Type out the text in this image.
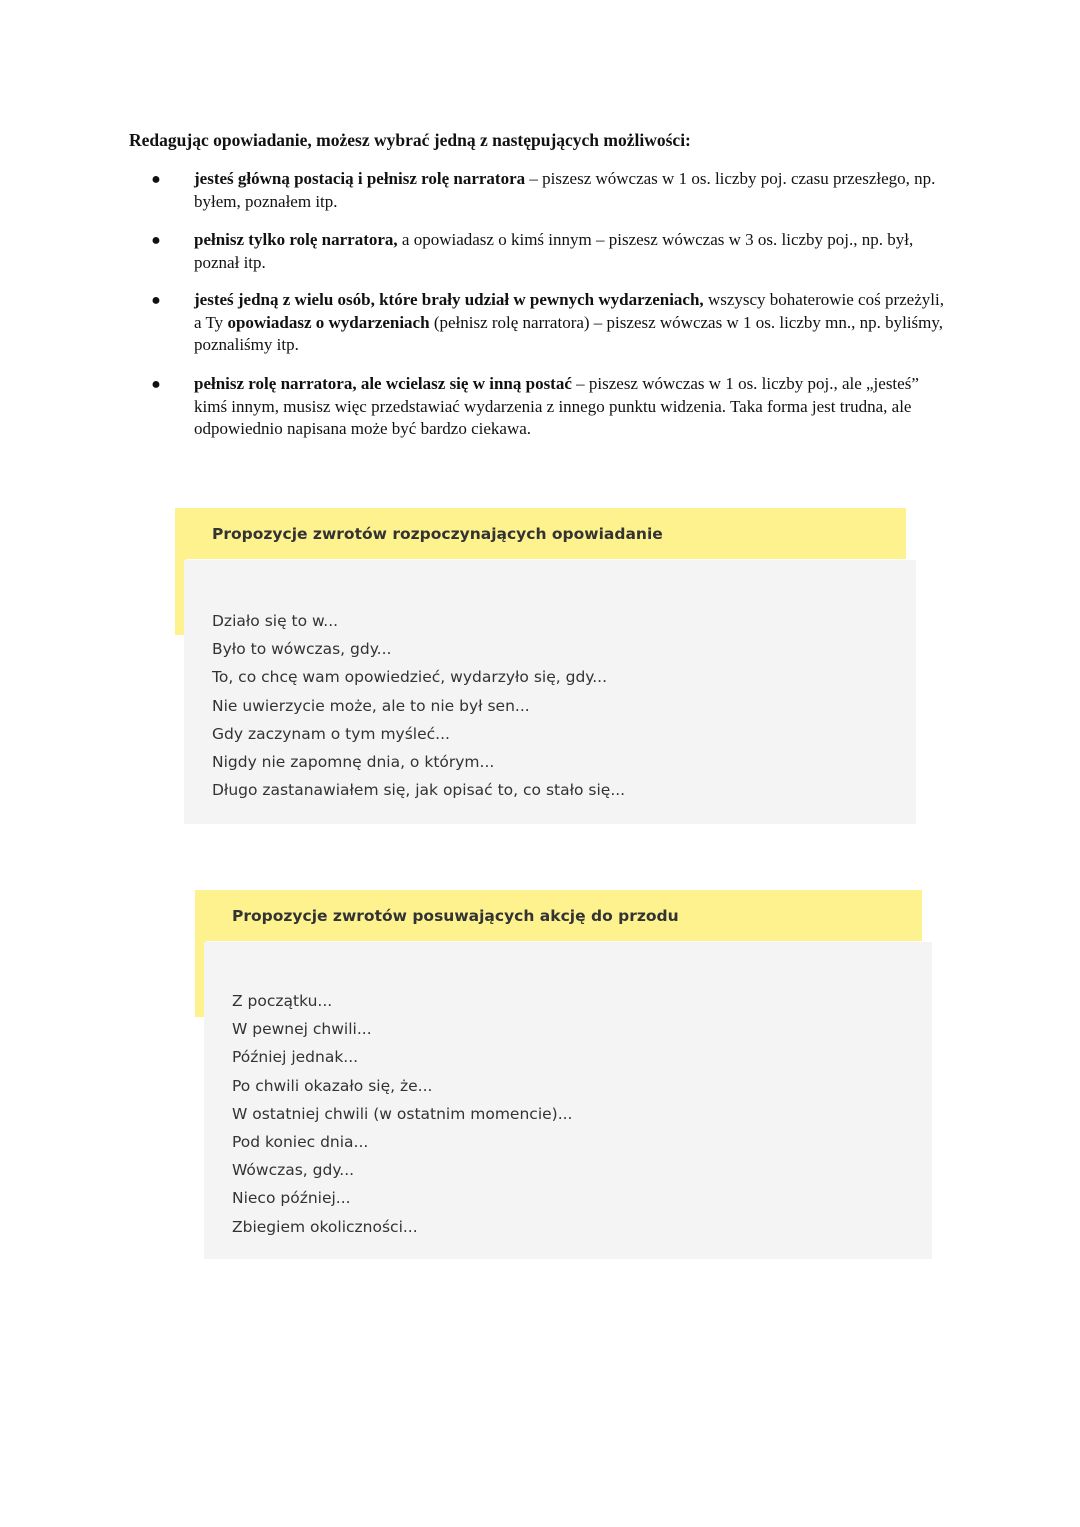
Redagując opowiadanie, możesz wybrać jedną z następujących możliwości:

●	jesteś główną postacią i pełnisz rolę narratora – piszesz wówczas w 1 os. liczby poj. czasu przeszłego, np. byłem, poznałem itp.

●	pełnisz tylko rolę narratora, a opowiadasz o kimś innym – piszesz wówczas w 3 os. liczby poj., np. był, poznał itp.

●	jesteś jedną z wielu osób, które brały udział w pewnych wydarzeniach, wszyscy bohaterowie coś przeżyli, a Ty opowiadasz o wydarzeniach (pełnisz rolę narratora) – piszesz wówczas w 1 os. liczby mn., np. byliśmy, poznaliśmy itp.

●	pełnisz rolę narratora, ale wcielasz się w inną postać – piszesz wówczas w 1 os. liczby poj., ale „jesteś” kimś innym, musisz więc przedstawiać wydarzenia z innego punktu widzenia. Taka forma jest trudna, ale odpowiednio napisana może być bardzo ciekawa.

Propozycje zwrotów rozpoczynających opowiadanie
Działo się to w...
Było to wówczas, gdy...
To, co chcę wam opowiedzieć, wydarzyło się, gdy...
Nie uwierzycie może, ale to nie był sen...
Gdy zaczynam o tym myśleć...
Nigdy nie zapomnę dnia, o którym...
Długo zastanawiałem się, jak opisać to, co stało się...
Propozycje zwrotów posuwających akcję do przodu
Z początku...
W pewnej chwili...
Później jednak...
Po chwili okazało się, że...
W ostatniej chwili (w ostatnim momencie)...
Pod koniec dnia...
Wówczas, gdy...
Nieco później...
Zbiegiem okoliczności...
